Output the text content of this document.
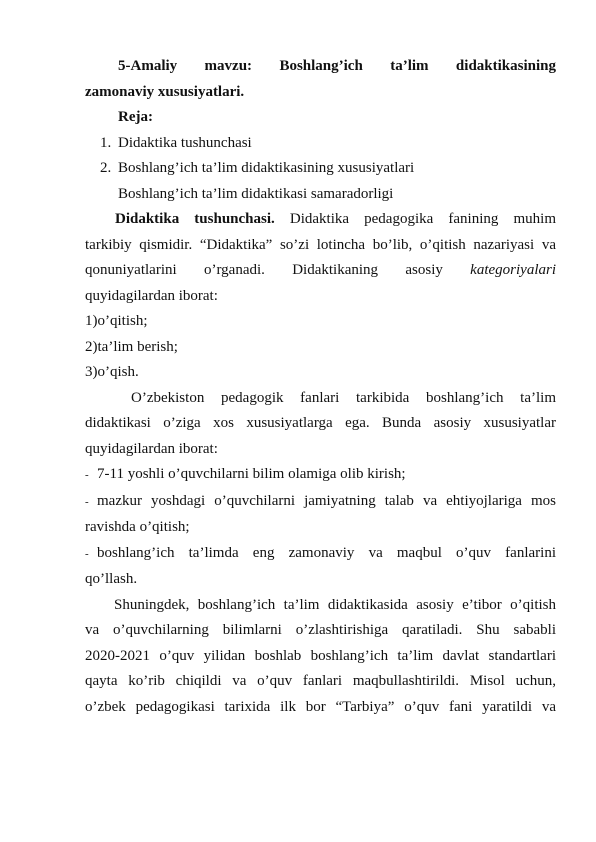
5-Amaliy mavzu: Boshlang’ich ta’lim didaktikasining

zamonaviy xususiyatlari.

Reja:

1. Didaktika tushunchasi

2. Boshlang’ich ta’lim didaktikasining xususiyatlari

Boshlang’ich ta’lim didaktikasi samaradorligi

Didaktika tushunchasi. Didaktika pedagogika fanining muhim

tarkibiy qismidir. “Didaktika” so’zi lotincha bo’lib, o’qitish nazariyasi va

qonuniyatlarini o’rganadi. Didaktikaning asosiy kategoriyalari

quyidagilardan iborat:

1)o’qitish;

2)ta’lim berish;

3)o’qish.

O’zbekiston pedagogik fanlari tarkibida boshlang’ich ta’lim

didaktikasi o’ziga xos xususiyatlarga ega. Bunda asosiy xususiyatlar

quyidagilardan iborat:

- 7-11 yoshli o’quvchilarni bilim olamiga olib kirish;

- mazkur yoshdagi o’quvchilarni jamiyatning talab va ehtiyojlariga mos

ravishda o’qitish;

- boshlang’ich ta’limda eng zamonaviy va maqbul o’quv fanlarini

qo’llash.

Shuningdek, boshlang’ich ta’lim didaktikasida asosiy e’tibor o’qitish

va o’quvchilarning bilimlarni o’zlashtirishiga qaratiladi. Shu sababli

2020-2021 o’quv yilidan boshlab boshlang’ich ta’lim davlat standartlari

qayta ko’rib chiqildi va o’quv fanlari maqbullashtirildi. Misol uchun,

o’zbek pedagogikasi tarixida ilk bor “Tarbiya” o’quv fani yaratildi va
